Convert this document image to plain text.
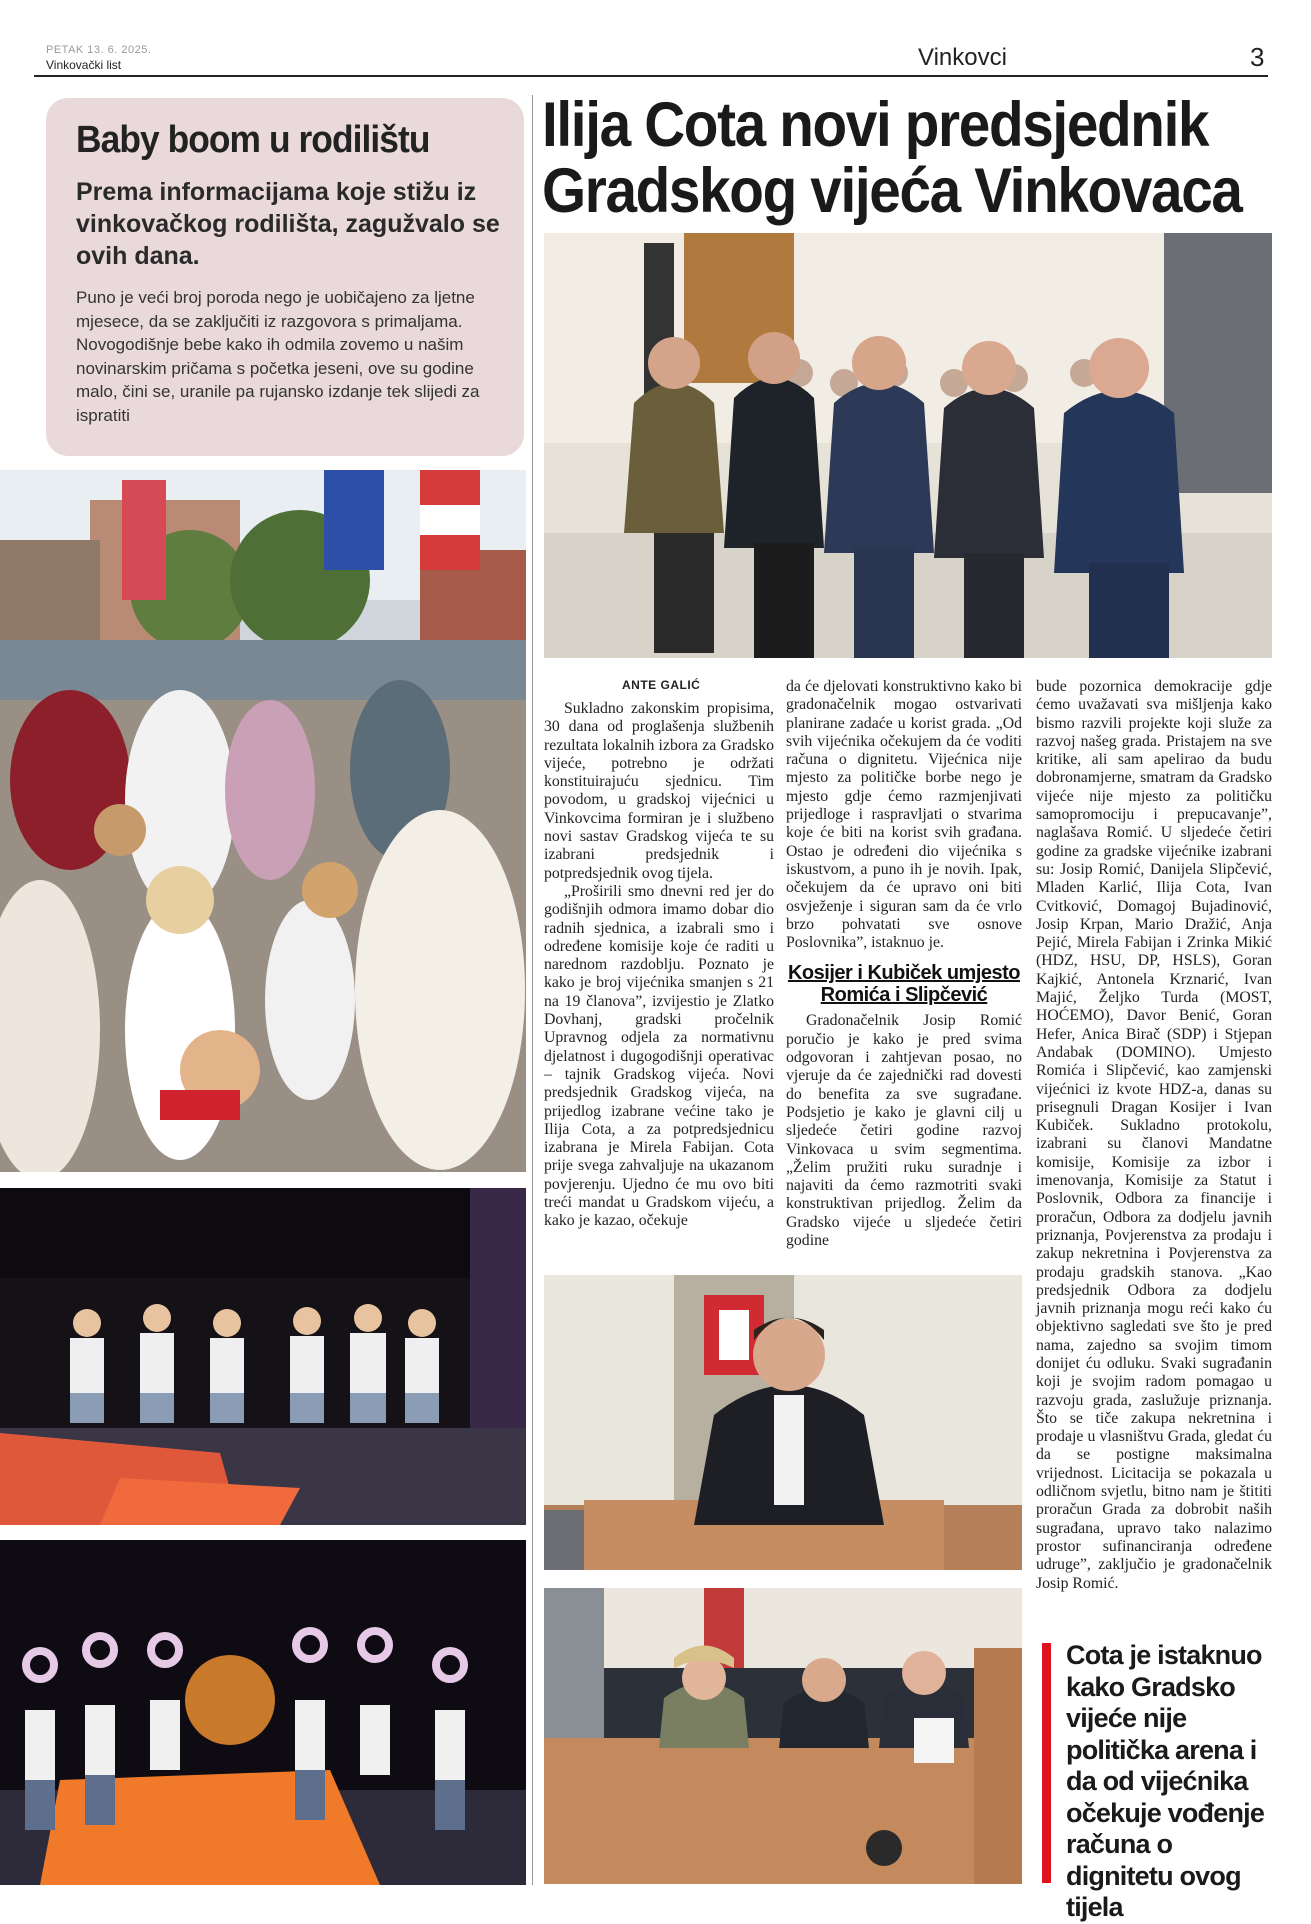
PETAK 13. 6. 2025.
Vinkovački list	Vinkovci	3
Baby boom u rodilištu
Prema informacijama koje stižu iz vinkovačkog rodilišta, zagužvalo se ovih dana.
Puno je veći broj poroda nego je uobičajeno za ljetne mjesece, da se zaključiti iz razgovora s primaljama. Novogodišnje bebe kako ih odmila zovemo u našim novinarskim pričama s početka jeseni, ove su godine malo, čini se, uranile pa rujansko izdanje tek slijedi za ispratiti
Ilija Cota novi predsjednik
Gradskog vijeća Vinkovaca
ANTE GALIĆ

Sukladno zakonskim propisima, 30 dana od proglašenja službenih rezultata lokalnih izbora za Gradsko vijeće, potrebno je održati konstituirajuću sjednicu. Tim povodom, u gradskoj vijećnici u Vinkovcima formiran je i službeno novi sastav Gradskog vijeća te su izabrani predsjednik i potpredsjednik ovog tijela.

„Proširili smo dnevni red jer do godišnjih odmora imamo dobar dio radnih sjednica, a izabrali smo i određene komisije koje će raditi u narednom razdoblju. Poznato je kako je broj vijećnika smanjen s 21 na 19 članova”, izvijestio je Zlatko Dovhanj, gradski pročelnik Upravnog odjela za normativnu djelatnost i dugogodišnji operativac – tajnik Gradskog vijeća. Novi predsjednik Gradskog vijeća, na prijedlog izabrane većine tako je Ilija Cota, a za potpredsjednicu izabrana je Mirela Fabijan. Cota prije svega zahvaljuje na ukazanom povjerenju. Ujedno će mu ovo biti treći mandat u Gradskom vijeću, a kako je kazao, očekuje

da će djelovati konstruktivno kako bi gradonačelnik mogao ostvarivati planirane zadaće u korist grada. „Od svih vijećnika očekujem da će voditi računa o dignitetu. Vijećnica nije mjesto za političke borbe nego je mjesto gdje ćemo razmjenjivati prijedloge i raspravljati o stvarima koje će biti na korist svih građana. Ostao je određeni dio vijećnika s iskustvom, a puno ih je novih. Ipak, očekujem da će upravo oni biti osvježenje i siguran sam da će vrlo brzo pohvatati sve osnove Poslovnika”, istaknuo je.

Kosijer i Kubiček umjesto Romića i Slipčević

Gradonačelnik Josip Romić poručio je kako je pred svima odgovoran i zahtjevan posao, no vjeruje da će zajednički rad dovesti do benefita za sve sugrađane. Podsjetio je kako je glavni cilj u sljedeće četiri godine razvoj Vinkovaca u svim segmentima. „Želim pružiti ruku suradnje i najaviti da ćemo razmotriti svaki konstruktivan prijedlog. Želim da Gradsko vijeće u sljedeće četiri godine

bude pozornica demokracije gdje ćemo uvažavati sva mišljenja kako bismo razvili projekte koji služe za razvoj našeg grada. Pristajem na sve kritike, ali sam apelirao da budu dobronamjerne, smatram da Gradsko vijeće nije mjesto za političku samopromociju i prepucavanje”, naglašava Romić. U sljedeće četiri godine za gradske vijećnike izabrani su: Josip Romić, Danijela Slipčević, Mladen Karlić, Ilija Cota, Ivan Cvitković, Domagoj Bujadinović, Josip Krpan, Mario Dražić, Anja Pejić, Mirela Fabijan i Zrinka Mikić (HDZ, HSU, DP, HSLS), Goran Kajkić, Antonela Krznarić, Ivan Majić, Željko Turda (MOST, HOĆEMO), Davor Benić, Goran Hefer, Anica Birač (SDP) i Stjepan Andabak (DOMINO). Umjesto Romića i Slipčević, kao zamjenski vijećnici iz kvote HDZ-a, danas su prisegnuli Dragan Kosijer i Ivan Kubiček. Sukladno protokolu, izabrani su članovi Mandatne komisije, Komisije za izbor i imenovanja, Komisije za Statut i Poslovnik, Odbora za financije i proračun, Odbora za dodjelu javnih priznanja, Povjerenstva za prodaju i zakup nekretnina i Povjerenstva za prodaju gradskih stanova. „Kao predsjednik Odbora za dodjelu javnih priznanja mogu reći kako ću objektivno sagledati sve što je pred nama, zajedno sa svojim timom donijet ću odluku. Svaki sugrađanin koji je svojim radom pomagao u razvoju grada, zaslužuje priznanja. Što se tiče zakupa nekretnina i prodaje u vlasništvu Grada, gledat ću da se postigne maksimalna vrijednost. Licitacija se pokazala u odličnom svjetlu, bitno nam je štititi proračun Grada za dobrobit naših sugrađana, upravo tako nalazimo prostor sufinanciranja određene udruge”, zaključio je gradonačelnik Josip Romić.

Cota je istaknuo kako Gradsko vijeće nije politička arena i da od vijećnika očekuje vođenje računa o dignitetu ovog tijela
